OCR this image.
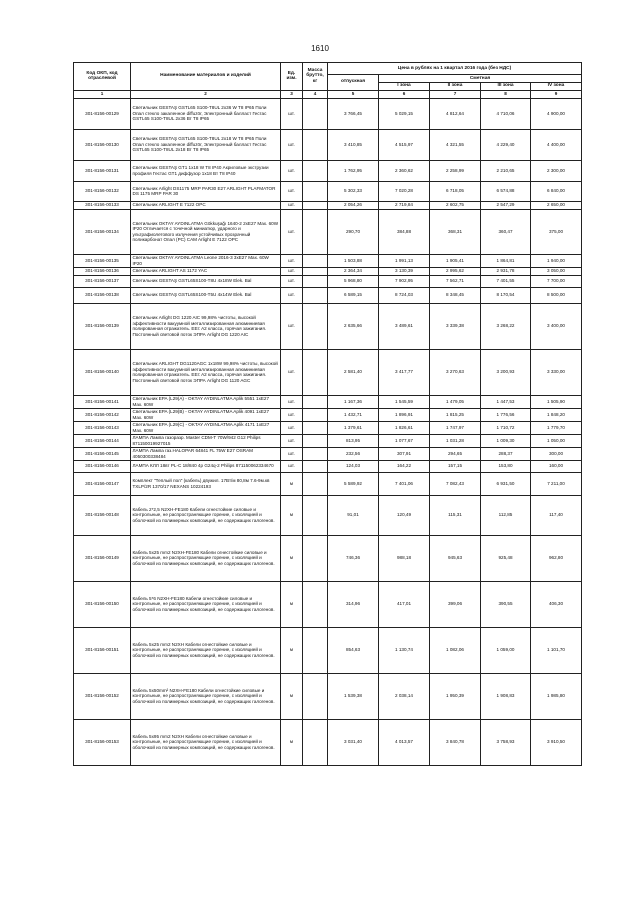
1610
Код ОКП, код отраслевой	Наименование материалов и изделий	Ед. изм.	Масса брутто, кг	Цена в рублях на 1 квартал 2016 года (без НДС)				
				отпускная	Сметная			
					I зона	II зона	III зона	IV зона
1	2	3	4	5	6	7	8	9
301-8156-00129	Светильник GESTAŞ GSTL65 S100-T8UL 2x36 W T8 IP65 Поли Опал стекло закаленное diffuzör, Электронный балласт Гестас GSTL65 S100-T8UL 2x36 Вт Т8 IP65	шт.		3 766,45	5 029,15	4 812,64	4 710,06	4 900,00
301-8156-00130	Светильник GESTAŞ GSTL65 S100-T8UL 2x18 W T8 IP65 Поли Опал стекло закаленное diffuzör, Электронный балласт Гестас GSTL65 S100-T8UL 2x18 Вт Т8 IP65	шт.		3 410,85	4 515,97	4 321,55	4 229,40	4 400,00
301-8156-00131	Светильник GESTAŞ GT1 1x18 W T8 IP40 Акриловые экструзии профиля Гестас GT1 диффузор 1x18 Вт Т8 IP40	шт.		1 762,95	2 360,62	2 258,99	2 210,65	2 300,00
301-8156-00132	Светильник Arlight DS1175 MRP PAR30 E27 ARLIGHT PLAFMATOR DS 1175 MRP PAR 30	шт.		5 302,33	7 020,28	6 718,05	6 574,88	6 840,00
301-8156-00133	Светильник ARLIGHT E 7122 OPC	шт.		2 054,26	2 719,84	2 602,75	2 547,29	2 650,00
301-8156-00134	Светильник OKTAY AYDINLATMA Gökkuşağı 1640-2 2xE27 Max. 60W IP20 Отличается с точечной миниатюр, ударного и ультрафиолетового излучения устойчивых прозрачный поликарбонат Опал (PC) CAM Arlight E 7122 OPC	шт.		290,70	384,88	368,31	360,47	375,00
301-8156-00135	Светильник OKTAY AYDINLATMA Leone 2016-3 3xE27 Max. 60W IP20	шт.		1 503,88	1 991,13	1 905,41	1 864,81	1 940,00
301-8156-00136	Светильник ARLIGHT AS 1172 YAC	шт.		2 364,34	3 130,39	2 995,62	2 931,78	3 050,00
301-8156-00137	Светильник GESTAŞ GSTL65S100-T8U 4x18W Elek. Bal	шт.		5 968,80	7 902,95	7 562,71	7 401,55	7 700,00
301-8156-00138	Светильник GESTAŞ GSTL65S100-T5U 4x14W Elek. Bal	шт.		6 589,15	8 724,03	8 348,45	8 170,54	8 500,00
301-8156-00139	Светильник Arlight DG 1220 AIC 99,98% чистоты, высокой эффективности вакуумной металлизированная алюминиевая полированная отражатель. EEI: A2 класса, горячая зажигания. Постоянный световой поток ЭПРА Arlight DG 1220 AIC	шт.		2 635,66	3 489,61	3 339,38	3 268,22	3 400,00
301-8156-00140	Светильник ARLIGHT DG1120AGC 1x18W 99,98% чистоты, высокой эффективности вакуумной металлизированная алюминиевая полированная отражатель. EEI: A2 класса, горячая зажигания. Постоянный световой поток ЭПРА Arlight DG 1120 AGC	шт.		2 581,40	3 417,77	3 270,63	3 200,93	3 330,00
301-8156-00141	Светильник EPA (L29(A) - OKTAY AYDINLATMA Aplik 5551 1xE27 Max. 60W	шт.		1 167,36	1 545,59	1 479,05	1 447,53	1 505,90
301-8156-00142	Светильник EPA (L29(B) - OKTAY AYDINLATMA Aplik 4091 1xE27 Max. 60W	шт.		1 432,71	1 896,91	1 815,25	1 776,56	1 848,20
301-8156-00143	Светильник EPA (L29(C) - OKTAY AYDINLATMA Aplik 4171 1xE27 Max. 60W	шт.		1 379,61	1 826,61	1 747,97	1 710,72	1 779,70
301-8156-00144	ЛАМПА Лампа газоразр. Master CDM-T 70W/942 G12 Philips 871150019927015	шт.		813,95	1 077,67	1 031,28	1 009,30	1 050,00
301-8156-00145	ЛАМПА Лампа газ.HALOPAR 64841 FL 75W E27 OSRAM 4050300338484	шт.		232,56	307,91	294,65	288,37	300,00
301-8156-00146	ЛАМПА КЛЛ 18вт PL-C 18/840 4p G24q-2 Philips 871150062334670	шт.		124,03	164,22	157,15	153,80	160,00
301-8156-00147	Комплект "Теплый пол" (кабель) двужил. 17Вт/м 80,8м 7.6-9м.кв TXLP/2R 1370/17 NEXANS 10224193	м		5 589,92	7 401,06	7 082,43	6 931,50	7 211,00
301-8156-00148	Кабель 2*2,5 N2XH-FE180 Кабели огнестойкие силовые и контрольные, не распространяющие горение, с изоляцией и оболочкой из полимерных композиций, не содержащих галогенов.	м		91,01	120,49	115,31	112,85	117,40
301-8156-00149	Кабель 5x25 mm2 N2XH-FE180 Кабели огнестойкие силовые и контрольные, не распространяющие горение, с изоляцией и оболочкой из полимерных композиций, не содержащих галогенов.	м		746,36	988,18	945,63	925,48	962,80
301-8156-00150	Кабель 5*6 N2XH-FE180 Кабели огнестойкие силовые и контрольные, не распространяющие горение, с изоляцией и оболочкой из полимерных композиций, не содержащих галогенов.	м		314,96	417,01	399,06	390,55	406,30
301-8156-00151	Кабель 5x25 mm2 N2XH Кабели огнестойкие силовые и контрольные, не распространяющие горение, с изоляцией и оболочкой из полимерных композиций, не содержащих галогенов.	м		854,63	1 130,74	1 082,06	1 059,00	1 101,70
301-8156-00152	Кабель 5x50mm² N2XH-FE180 Кабели огнестойкие силовые и контрольные, не распространяющие горение, с изоляцией и оболочкой из полимерных композиций, не содержащих галогенов.	м		1 539,38	2 038,14	1 950,39	1 908,83	1 985,80
301-8156-00153	Кабель 5x95 mm2 N2XH Кабели огнестойкие силовые и контрольные, не распространяющие горение, с изоляцией и оболочкой из полимерных композиций, не содержащих галогенов.	м		3 031,40	4 013,57	3 840,78	3 758,93	3 910,50
